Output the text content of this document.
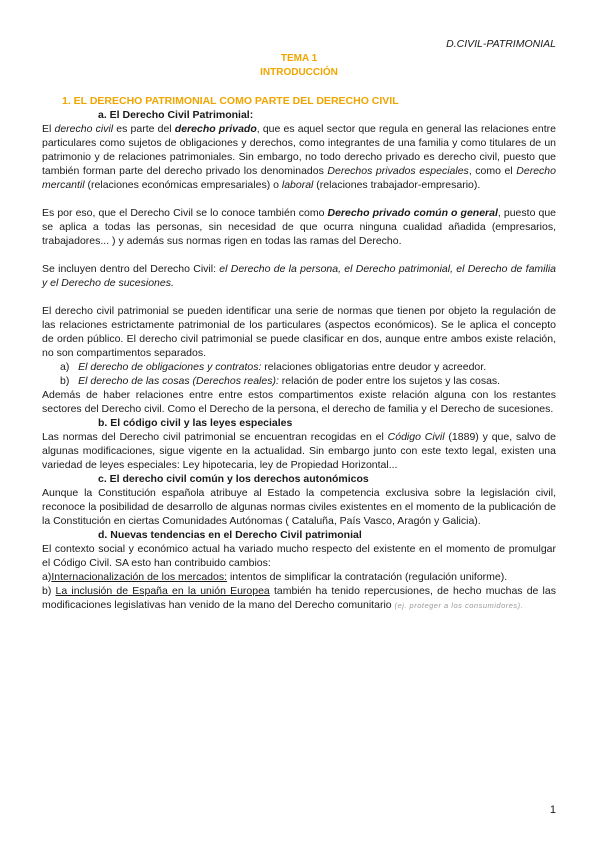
D.CIVIL-PATRIMONIAL
TEMA 1
INTRODUCCIÓN
1. EL DERECHO PATRIMONIAL COMO PARTE DEL DERECHO CIVIL
a. El Derecho Civil Patrimonial:

El derecho civil es parte del derecho privado, que es aquel sector que regula en general las relaciones entre particulares como sujetos de obligaciones y derechos, como integrantes de una familia y como titulares de un patrimonio y de relaciones patrimoniales. Sin embargo, no todo derecho privado es derecho civil, puesto que también forman parte del derecho privado los denominados Derechos privados especiales, como el Derecho mercantil (relaciones económicas empresariales) o laboral (relaciones trabajador-empresario).

Es por eso, que el Derecho Civil se lo conoce también como Derecho privado común o general, puesto que se aplica a todas las personas, sin necesidad de que ocurra ninguna cualidad añadida (empresarios, trabajadores... ) y además sus normas rigen en todas las ramas del Derecho.

Se incluyen dentro del Derecho Civil: el Derecho de la persona, el Derecho patrimonial, el Derecho de familia y el Derecho de sucesiones.

El derecho civil patrimonial se pueden identificar una serie de normas que tienen por objeto la regulación de las relaciones estrictamente patrimonial de los particulares (aspectos económicos). Se le aplica el concepto de orden público. El derecho civil patrimonial se puede clasificar en dos, aunque entre ambos existe relación, no son compartimentos separados.

a) El derecho de obligaciones y contratos: relaciones obligatorias entre deudor y acreedor.

b) El derecho de las cosas (Derechos reales): relación de poder entre los sujetos y las cosas.

Además de haber relaciones entre entre estos compartimentos existe relación alguna con los restantes sectores del Derecho civil. Como el Derecho de la persona, el derecho de familia y el Derecho de sucesiones.

b. El código civil y las leyes especiales

Las normas del Derecho civil patrimonial se encuentran recogidas en el Código Civil (1889) y que, salvo de algunas modificaciones, sigue vigente en la actualidad. Sin embargo junto con este texto legal, existen una variedad de leyes especiales: Ley hipotecaria, ley de Propiedad Horizontal...

c. El derecho civil común y los derechos autonómicos

Aunque la Constitución española atribuye al Estado la competencia exclusiva sobre la legislación civil, reconoce la posibilidad de desarrollo de algunas normas civiles existentes en el momento de la publicación de la Constitución en ciertas Comunidades Autónomas ( Cataluña, País Vasco, Aragón y Galicia).

d. Nuevas tendencias en el Derecho Civil patrimonial

El contexto social y económico actual ha variado mucho respecto del existente en el momento de promulgar el Código Civil. SA esto han contribuido cambios:

a)Internacionalización de los mercados: intentos de simplificar la contratación (regulación uniforme).

b) La inclusión de España en la unión Europea también ha tenido repercusiones, de hecho muchas de las modificaciones legislativas han venido de la mano del Derecho comunitario (ej. proteger a los consumidores).

1
